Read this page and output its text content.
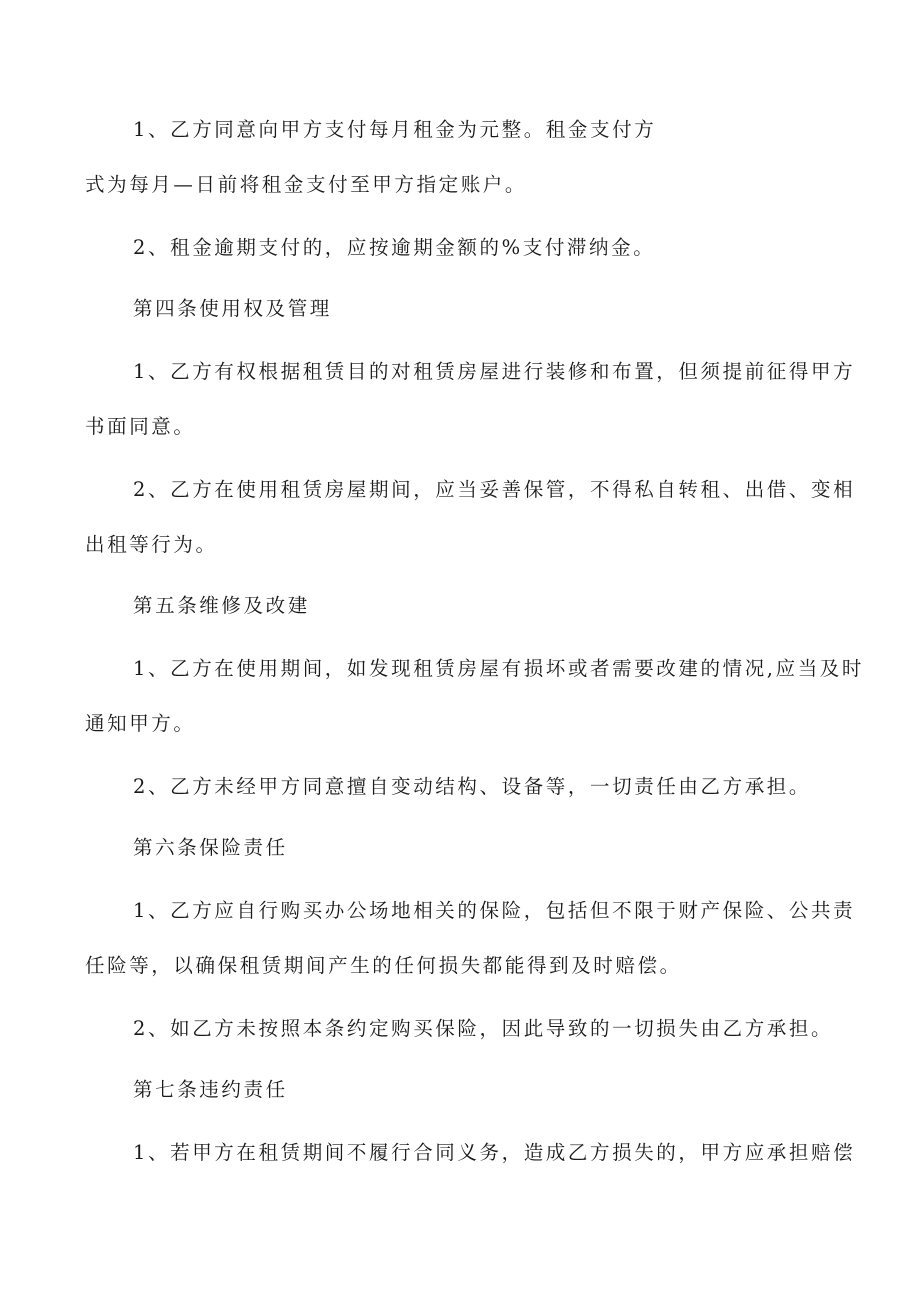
1、乙方同意向甲方支付每月租金为元整。租金支付方
式为每月—日前将租金支付至甲方指定账户。
2、租金逾期支付的，应按逾期金额的%支付滞纳金。
第四条使用权及管理
1、乙方有权根据租赁目的对租赁房屋进行装修和布置，但须提前征得甲方
书面同意。
2、乙方在使用租赁房屋期间，应当妥善保管，不得私自转租、出借、变相
出租等行为。
第五条维修及改建
1、乙方在使用期间，如发现租赁房屋有损坏或者需要改建的情况,应当及时
通知甲方。
2、乙方未经甲方同意擅自变动结构、设备等，一切责任由乙方承担。
第六条保险责任
1、乙方应自行购买办公场地相关的保险，包括但不限于财产保险、公共责
任险等，以确保租赁期间产生的任何损失都能得到及时赔偿。
2、如乙方未按照本条约定购买保险，因此导致的一切损失由乙方承担。
第七条违约责任
1、若甲方在租赁期间不履行合同义务，造成乙方损失的，甲方应承担赔偿
